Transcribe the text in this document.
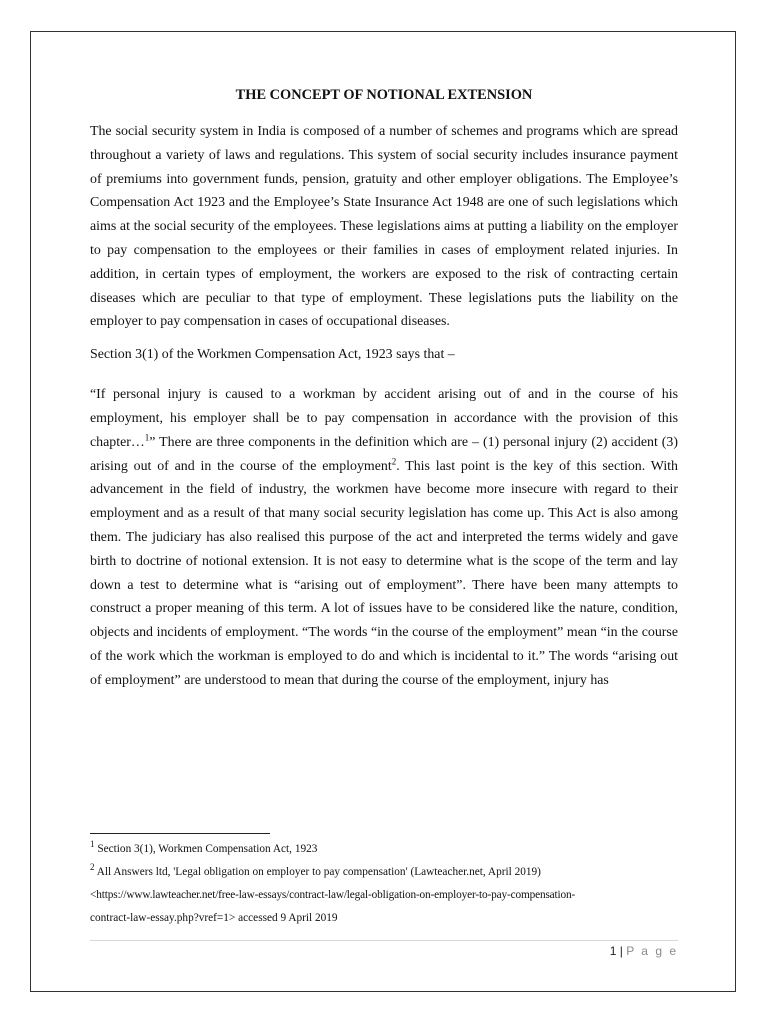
THE CONCEPT OF NOTIONAL EXTENSION

The social security system in India is composed of a number of schemes and programs which are spread throughout a variety of laws and regulations. This system of social security includes insurance payment of premiums into government funds, pension, gratuity and other employer obligations. The Employee’s Compensation Act 1923 and the Employee’s State Insurance Act 1948 are one of such legislations which aims at the social security of the employees. These legislations aims at putting a liability on the employer to pay compensation to the employees or their families in cases of employment related injuries. In addition, in certain types of employment, the workers are exposed to the risk of contracting certain diseases which are peculiar to that type of employment. These legislations puts the liability on the employer to pay compensation in cases of occupational diseases.

Section 3(1) of the Workmen Compensation Act, 1923 says that –

“If personal injury is caused to a workman by accident arising out of and in the course of his employment, his employer shall be to pay compensation in accordance with the provision of this chapter…$^1$” There are three components in the definition which are – (1) personal injury (2) accident (3) arising out of and in the course of the employment$^2$. This last point is the key of this section. With advancement in the field of industry, the workmen have become more insecure with regard to their employment and as a result of that many social security legislation has come up. This Act is also among them. The judiciary has also realised this purpose of the act and interpreted the terms widely and gave birth to doctrine of notional extension. It is not easy to determine what is the scope of the term and lay down a test to determine what is “arising out of employment”. There have been many attempts to construct a proper meaning of this term. A lot of issues have to be considered like the nature, condition, objects and incidents of employment. “The words “in the course of the employment” mean “in the course of the work which the workman is employed to do and which is incidental to it.” The words “arising out of employment” are understood to mean that during the course of the employment, injury has

$^1$ Section 3(1), Workmen Compensation Act, 1923

$^2$ All Answers ltd, 'Legal obligation on employer to pay compensation' (Lawteacher.net, April 2019)

<https://www.lawteacher.net/free-law-essays/contract-law/legal-obligation-on-employer-to-pay-compensation-

contract-law-essay.php?vref=1> accessed 9 April 2019

1 | P a g e
